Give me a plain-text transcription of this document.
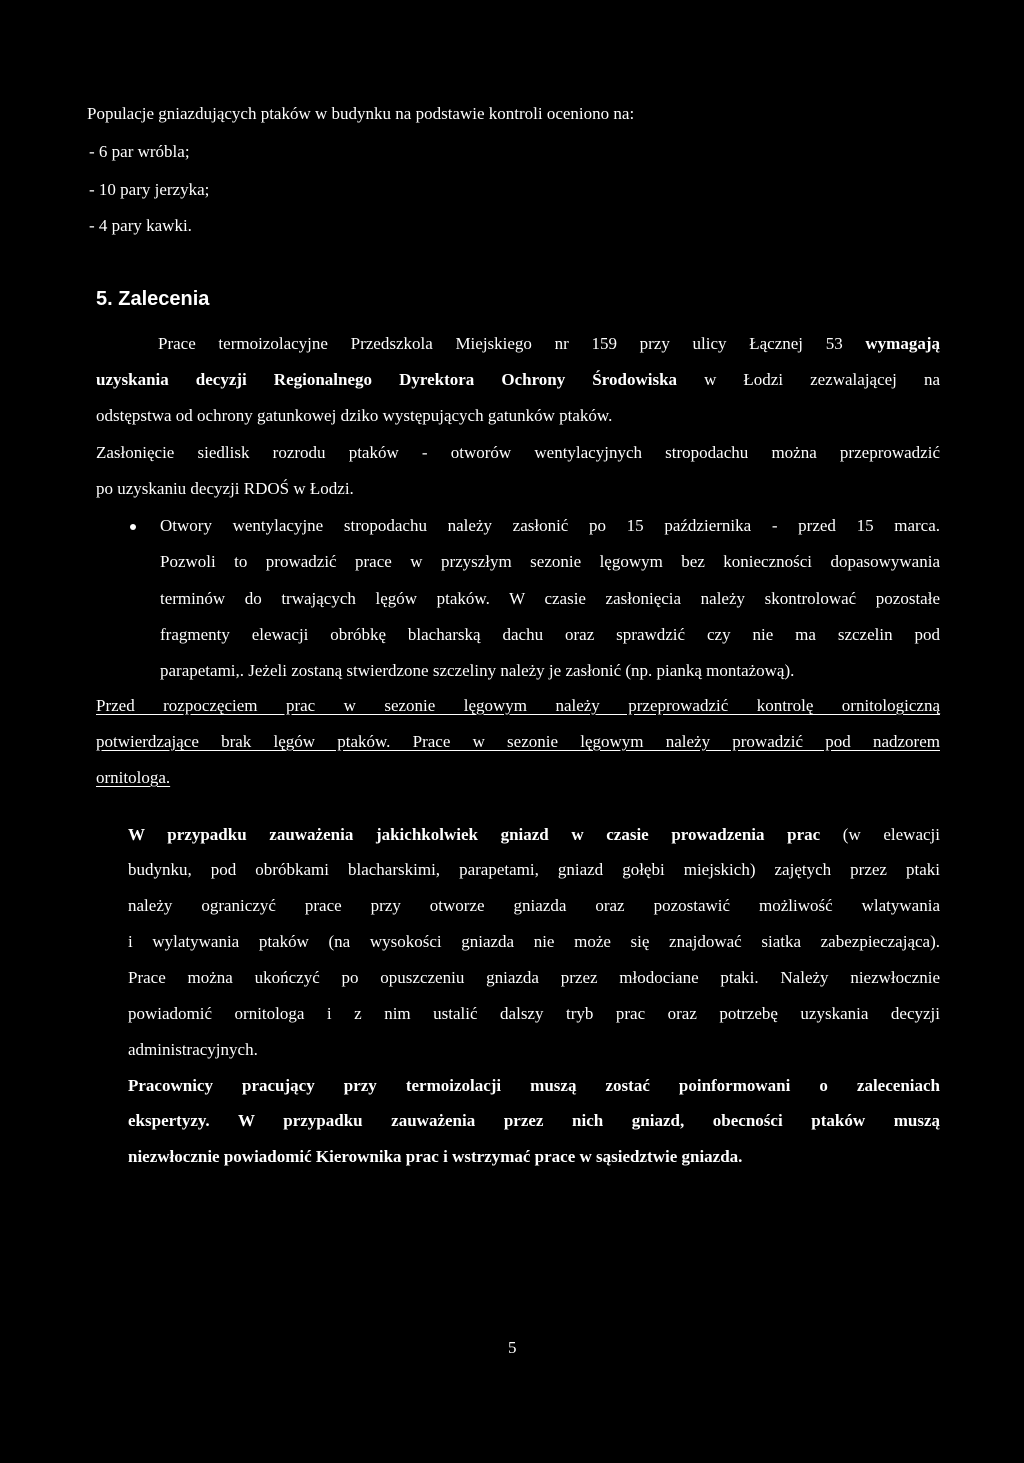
Populacje gniazdujących ptaków w budynku na podstawie kontroli oceniono na:
- 6 par wróbla;
- 10 pary jerzyka;
- 4 pary kawki.
5. Zalecenia
Prace termoizolacyjne Przedszkola Miejskiego nr 159 przy ulicy Łącznej 53 wymagają
uzyskania decyzji Regionalnego Dyrektora Ochrony Środowiska w Łodzi zezwalającej na
odstępstwa od ochrony gatunkowej dziko występujących gatunków ptaków.
Zasłonięcie siedlisk rozrodu ptaków - otworów wentylacyjnych stropodachu można przeprowadzić
po uzyskaniu decyzji RDOŚ w Łodzi.
Otwory wentylacyjne stropodachu należy zasłonić po 15 października - przed 15 marca.
Pozwoli to prowadzić prace w przyszłym sezonie lęgowym bez konieczności dopasowywania
terminów do trwających lęgów ptaków. W czasie zasłonięcia należy skontrolować pozostałe
fragmenty elewacji obróbkę blacharską dachu oraz sprawdzić czy nie ma szczelin pod
parapetami,. Jeżeli zostaną stwierdzone szczeliny należy je zasłonić (np. pianką montażową).
Przed rozpoczęciem prac w sezonie lęgowym należy przeprowadzić kontrolę ornitologiczną
potwierdzające brak lęgów ptaków. Prace w sezonie lęgowym należy prowadzić pod nadzorem
ornitologa.
W przypadku zauważenia jakichkolwiek gniazd w czasie prowadzenia prac (w elewacji
budynku, pod obróbkami blacharskimi, parapetami, gniazd gołębi miejskich) zajętych przez ptaki
należy ograniczyć prace przy otworze gniazda oraz pozostawić możliwość wlatywania
i wylatywania ptaków (na wysokości gniazda nie może się znajdować siatka zabezpieczająca).
Prace można ukończyć po opuszczeniu gniazda przez młodociane ptaki. Należy niezwłocznie
powiadomić ornitologa i z nim ustalić dalszy tryb prac oraz potrzebę uzyskania decyzji
administracyjnych.
Pracownicy pracujący przy termoizolacji muszą zostać poinformowani o zaleceniach
ekspertyzy. W przypadku zauważenia przez nich gniazd, obecności ptaków muszą
niezwłocznie powiadomić Kierownika prac i wstrzymać prace w sąsiedztwie gniazda.
5
